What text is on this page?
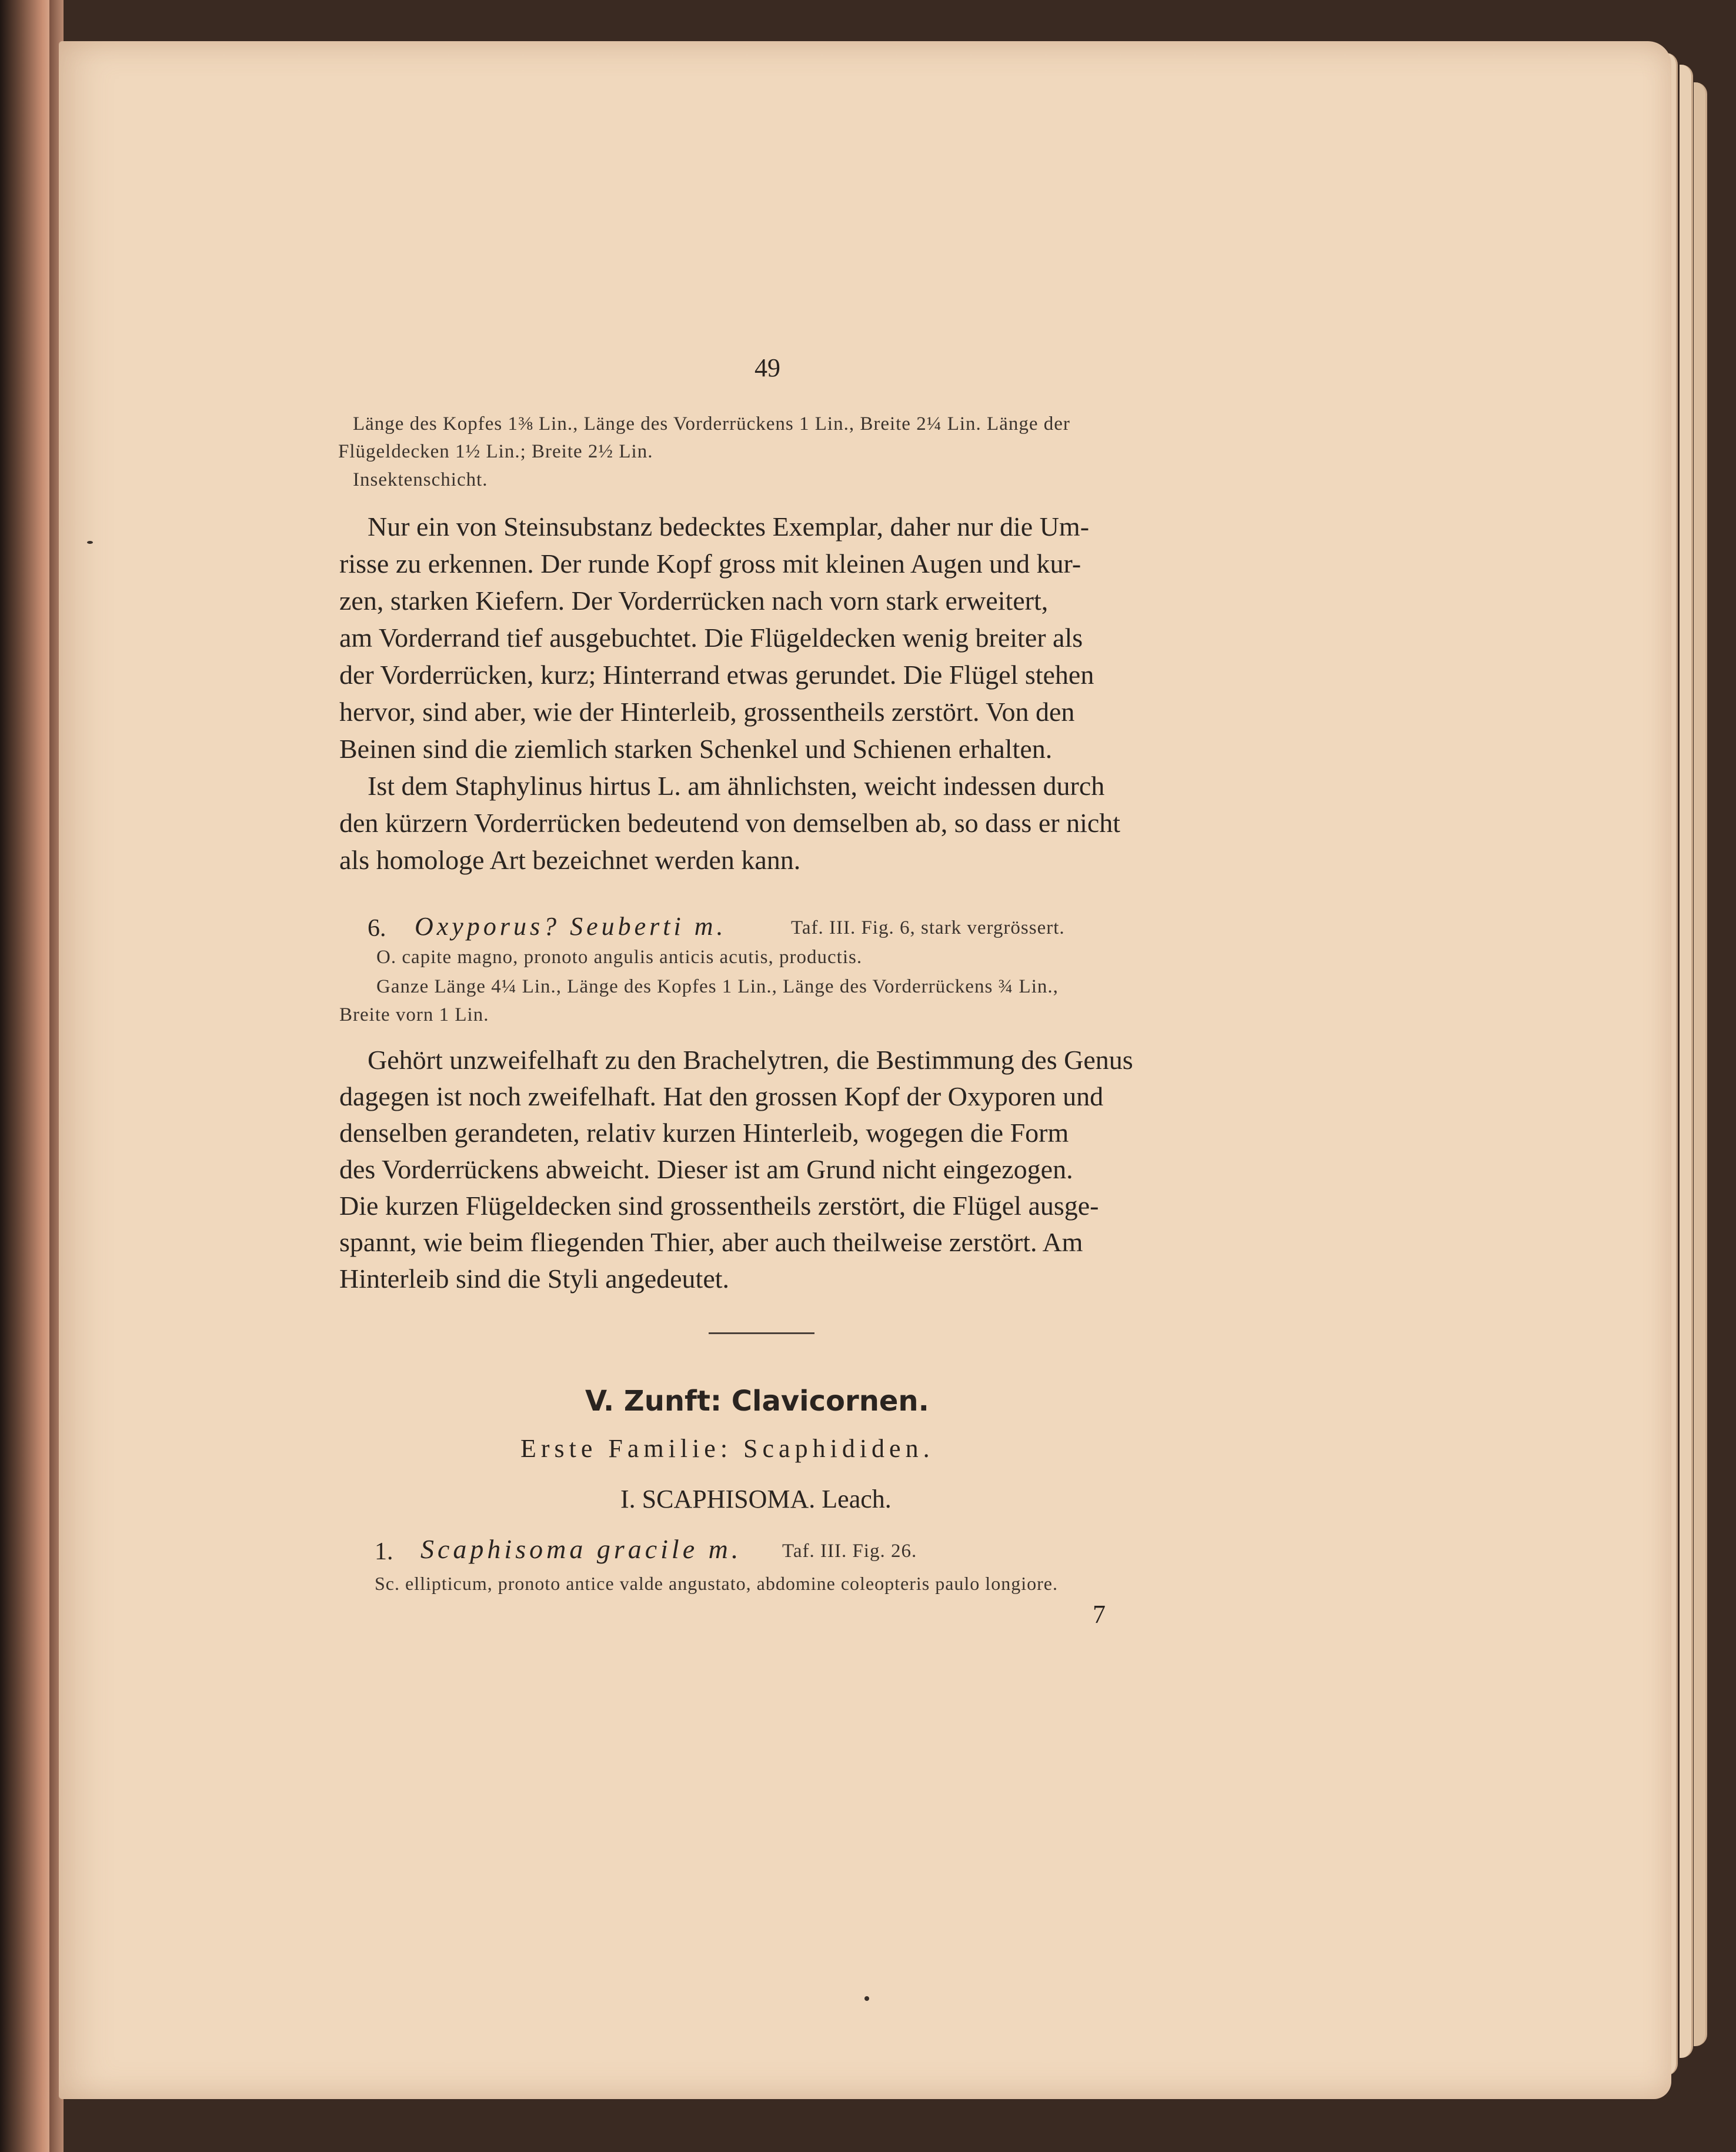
49
Länge des Kopfes 1⅜ Lin., Länge des Vorderrückens 1 Lin., Breite 2¼ Lin. Länge der
Flügeldecken 1½ Lin.; Breite 2½ Lin.
Insektenschicht.
Nur ein von Steinsubstanz bedecktes Exemplar, daher nur die Um-
risse zu erkennen. Der runde Kopf gross mit kleinen Augen und kur-
zen, starken Kiefern. Der Vorderrücken nach vorn stark erweitert,
am Vorderrand tief ausgebuchtet. Die Flügeldecken wenig breiter als
der Vorderrücken, kurz; Hinterrand etwas gerundet. Die Flügel stehen
hervor, sind aber, wie der Hinterleib, grossentheils zerstört. Von den
Beinen sind die ziemlich starken Schenkel und Schienen erhalten.
Ist dem Staphylinus hirtus L. am ähnlichsten, weicht indessen durch
den kürzern Vorderrücken bedeutend von demselben ab, so dass er nicht
als homologe Art bezeichnet werden kann.
6. Oxyporus? Seuberti m.	Taf. III. Fig. 6, stark vergrössert.
O. capite magno, pronoto angulis anticis acutis, productis.
Ganze Länge 4¼ Lin., Länge des Kopfes 1 Lin., Länge des Vorderrückens ¾ Lin.,
Breite vorn 1 Lin.
Gehört unzweifelhaft zu den Brachelytren, die Bestimmung des Genus
dagegen ist noch zweifelhaft. Hat den grossen Kopf der Oxyporen und
denselben gerandeten, relativ kurzen Hinterleib, wogegen die Form
des Vorderrückens abweicht. Dieser ist am Grund nicht eingezogen.
Die kurzen Flügeldecken sind grossentheils zerstört, die Flügel ausge-
spannt, wie beim fliegenden Thier, aber auch theilweise zerstört. Am
Hinterleib sind die Styli angedeutet.
V. Zunft: Clavicornen.
Erste Familie: Scaphididen.
I. SCAPHISOMA. Leach.
1. Scaphisoma gracile m. Taf. III. Fig. 26.
Sc. ellipticum, pronoto antice valde angustato, abdomine coleopteris paulo longiore.
7
